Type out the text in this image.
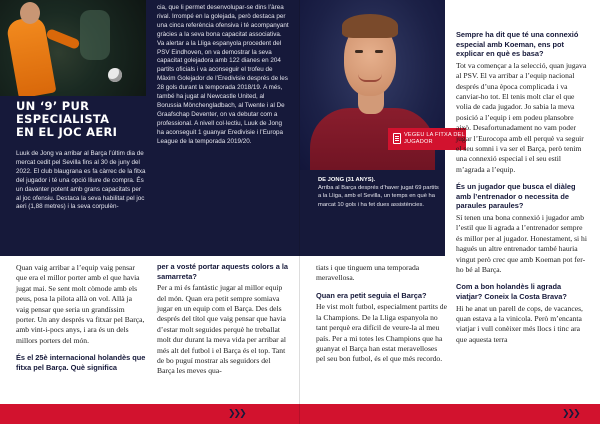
UN ‘9’ PUR
ESPECIALISTA
EN EL JOC AERI
Luuk de Jong va arribar al Barça l’últim dia de mercat cedit pel Sevilla fins al 30 de juny del 2022. El club blaugrana es fa càrrec de la fitxa del jugador i té una opció lliure de compra. És un davanter potent amb grans capacitats per al joc ofensiu. Destaca la seva habilitat pel joc aeri (1,88 metres) i la seva corpulèn-
cia, que li permet desenvolupar-se dins l’àrea rival. Irrompé en la golejada, però destaca per una cinca referència ofensiva i té acompanyant gràcies a la seva bona capacitat associativa. Va alertar a la Lliga espanyola procedent del PSV Eindhoven, on va demostrar la seva capacitat golejadora amb 122 dianes en 204 partits oficials i va aconseguir el trofeu de Màxim Golejador de l’Eredivisie després de les 28 gols durant la temporada 2018/19. A més, també ha jugat al Newcastle United, al Borussia Mönchengladbach, al Twente i al De Graafschap Deventer, on va debutar com a professional. A nivell col·lectiu, Luuk de Jong ha aconseguit 1 guanyar Eredivisie i l’Europa League de la temporada 2019/20.

Quan vaig arribar a l’equip vaig pensar que era el millor porter amb el que havia jugat mai. Se sent molt còmode amb els peus, posa la pilota allà on vol. Allà ja vaig pensar que seria un grandíssim porter. Un any després va fitxar pel Barça, amb vint-i-pocs anys, i ara és un dels millors porters del món.

És el 25è internacional holandès que fitxa pel Barça. Què significa

per a vosté portar aquests colors a la samarreta?

Per a mi és fantàstic jugar al millor equip del món. Quan era petit sempre somiava jugar en un equip com el Barça. Des dels després del títol que vaig pensar que havia d’estar molt seguides perquè he treballat molt dur durant la meva vida per arribar al més alt del futbol i el Barça és el top. Tant de bo puguí mostrar als seguidors del Barça les meves qua-

❯❯❯
VEGEU LA FITXA DEL JUGADOR
DE JONG (31 ANYS).
Arriba al Barça després d’haver jugat 69 partits a la Lliga, amb el Sevilla, un temps en què ha marcat 10 gols i ha fet dues assistències.

Sempre ha dit que té una connexió especial amb Koeman, ens pot explicar en què es basa?

Tot va començar a la selecció, quan jugava al PSV. El va arribar a l’equip nacional després d’una època complicada i va canviar-ho tot. El tenis molt clar el que volia de cada jugador. Jo sabia la meva posició a l’equip i em podeu plansobre això. Desafortunadament no vam poder jugar l’Eurocopa amb ell perquè va seguir el seu somni i va ser el Barça, però tenim una connexió especial i el seu estil m’agrada a l’equip.

És un jugador que busca el diàleg amb l’entrenador o necessita de paraules paraules?

Sí tenen una bona connexió i jugador amb l’estil que li agrada a l’entrenador sempre és millor per al jugador. Honestament, si hi hagués un altre entrenador també hauria vingut però crec que amb Koeman pot fer-ho bé al Barça.

Com a bon holandès li agrada viatjar? Coneix la Costa Brava?

Hi he anat un parell de cops, de vacances, quan estava a la vinicola. Però m’encanta viatjar i vull conèixer més llocs i tinc ara que aquesta terra

tiats i que tinguem una temporada meravellosa.

Quan era petit seguia el Barça?

He vist molt futbol, especialment partits de la Champions. De la Lliga espanyola no tant perquè era difícil de veure-la al meu país. Per a mi totes les Champions que ha guanyat el Barça han estat meravelloses pel seu bon futbol, és el que més recordo.

❯❯❯
